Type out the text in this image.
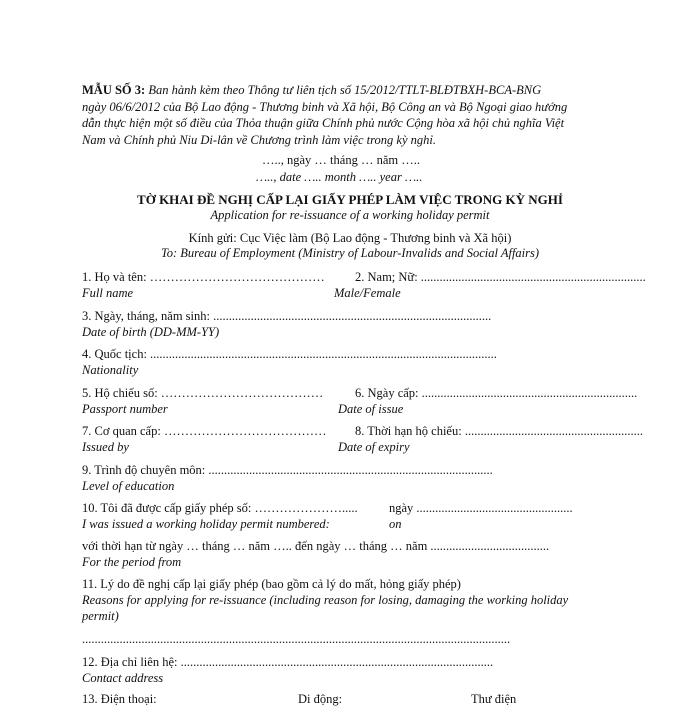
MẪU SỐ 3: Ban hành kèm theo Thông tư liên tịch số 15/2012/TTLT-BLĐTBXH-BCA-BNG
ngày 06/6/2012 của Bộ Lao động - Thương binh và Xã hội, Bộ Công an và Bộ Ngoại giao hướng
dẫn thực hiện một số điều của Thỏa thuận giữa Chính phủ nước Cộng hòa xã hội chủ nghĩa Việt
Nam và Chính phủ Niu Di-lân về Chương trình làm việc trong kỳ nghỉ.
….., ngày … tháng … năm …..
….., date ….. month ….. year …..
TỜ KHAI ĐỀ NGHỊ CẤP LẠI GIẤY PHÉP LÀM VIỆC TRONG KỲ NGHỈ
Application for re-issuance of a working holiday permit
Kính gửi: Cục Việc làm (Bộ Lao động - Thương binh và Xã hội)
To: Bureau of Employment (Ministry of Labour-Invalids and Social Affairs)
1. Họ và tên: …………………………………… 2. Nam; Nữ: ........................................................................
Full name	Male/Female
3. Ngày, tháng, năm sinh: .........................................................................................
Date of birth (DD-MM-YY)
4. Quốc tịch: ...............................................................................................................
Nationality
5. Hộ chiếu số: …………………………………	6. Ngày cấp: .....................................................................
Passport number	Date of issue
7. Cơ quan cấp: ………………………………… 8. Thời hạn hộ chiếu: .........................................................
Issued by	Date of expiry
9. Trình độ chuyên môn: ...........................................................................................
Level of education
10. Tôi đã được cấp giấy phép số: ………………….....	ngày ..................................................
I was issued a working holiday permit numbered:	on
với thời hạn từ ngày … tháng … năm ….. đến ngày … tháng … năm ......................................
For the period from
11. Lý do đề nghị cấp lại giấy phép (bao gồm cả lý do mất, hỏng giấy phép)
Reasons for applying for re-issuance (including reason for losing, damaging the working holiday
permit)
.........................................................................................................................................
12. Địa chỉ liên hệ: ....................................................................................................
Contact address
13. Điện thoại:	Di động:	Thư điện
